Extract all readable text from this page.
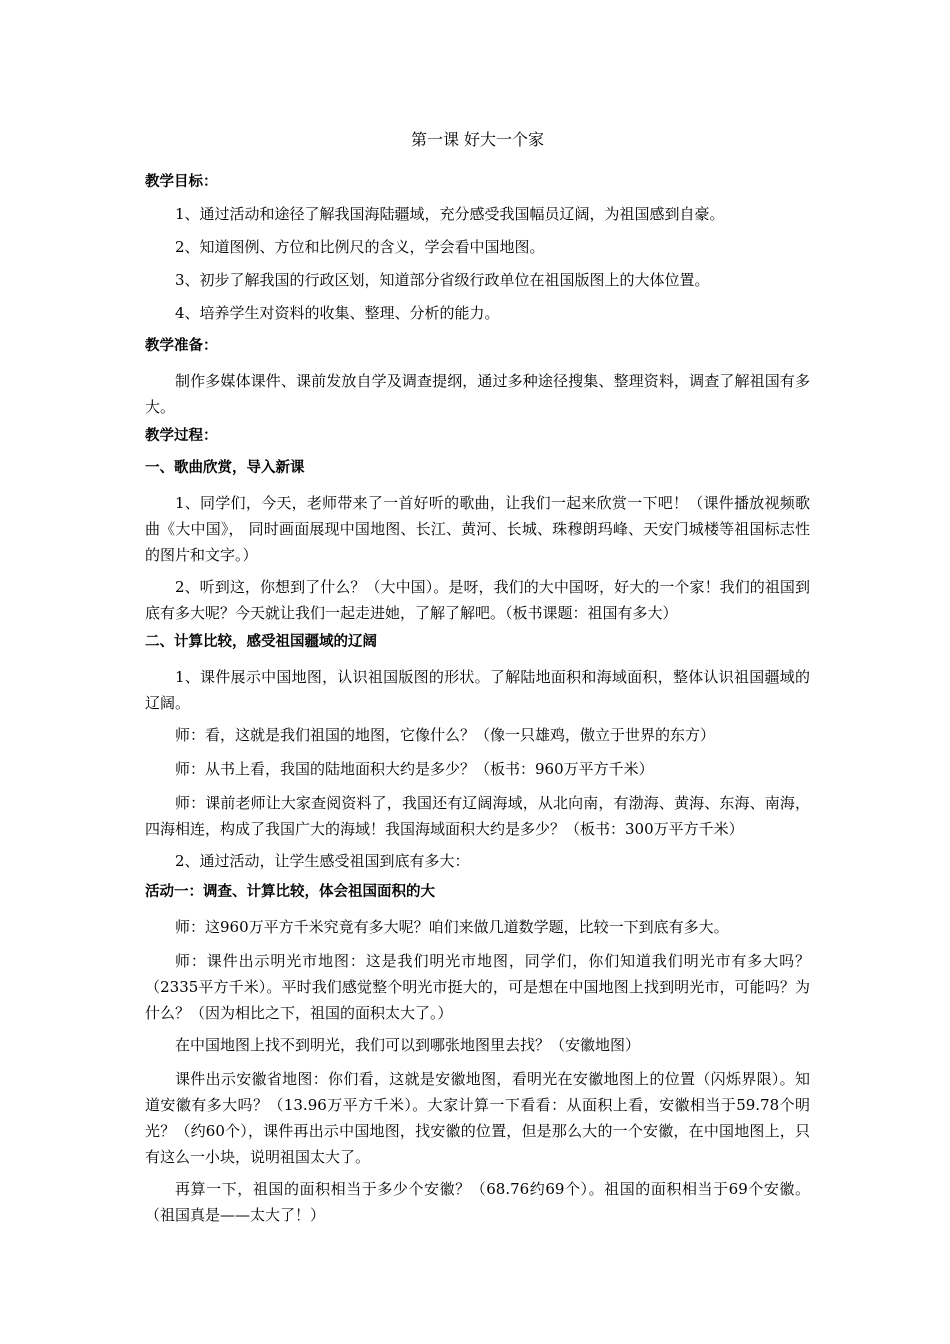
第一课 好大一个家
教学目标：
1、通过活动和途径了解我国海陆疆域，充分感受我国幅员辽阔，为祖国感到自豪。
2、知道图例、方位和比例尺的含义，学会看中国地图。
3、初步了解我国的行政区划，知道部分省级行政单位在祖国版图上的大体位置。
4、培养学生对资料的收集、整理、分析的能力。
教学准备：
制作多媒体课件、课前发放自学及调查提纲，通过多种途径搜集、整理资料，调查了解祖国有多大。
教学过程：
一、歌曲欣赏，导入新课
1、同学们，今天，老师带来了一首好听的歌曲，让我们一起来欣赏一下吧！（课件播放视频歌曲《大中国》， 同时画面展现中国地图、长江、黄河、长城、珠穆朗玛峰、天安门城楼等祖国标志性的图片和文字。）
2、听到这，你想到了什么？（大中国）。是呀，我们的大中国呀，好大的一个家！我们的祖国到底有多大呢？今天就让我们一起走进她，了解了解吧。（板书课题：祖国有多大）
二、计算比较，感受祖国疆域的辽阔
1、课件展示中国地图，认识祖国版图的形状。了解陆地面积和海域面积，整体认识祖国疆域的辽阔。
师：看，这就是我们祖国的地图，它像什么？（像一只雄鸡，傲立于世界的东方）
师：从书上看，我国的陆地面积大约是多少？（板书：960万平方千米）
师：课前老师让大家查阅资料了，我国还有辽阔海域，从北向南，有渤海、黄海、东海、南海，四海相连，构成了我国广大的海域！我国海域面积大约是多少？（板书：300万平方千米）
2、通过活动，让学生感受祖国到底有多大：
活动一：调查、计算比较，体会祖国面积的大
师：这960万平方千米究竟有多大呢？咱们来做几道数学题，比较一下到底有多大。
师：课件出示明光市地图：这是我们明光市地图，同学们，你们知道我们明光市有多大吗？（2335平方千米）。平时我们感觉整个明光市挺大的，可是想在中国地图上找到明光市，可能吗？为什么？（因为相比之下，祖国的面积太大了。）
在中国地图上找不到明光，我们可以到哪张地图里去找？（安徽地图）
课件出示安徽省地图：你们看，这就是安徽地图，看明光在安徽地图上的位置（闪烁界限）。知道安徽有多大吗？（13.96万平方千米）。大家计算一下看看：从面积上看，安徽相当于59.78个明光？（约60个），课件再出示中国地图，找安徽的位置，但是那么大的一个安徽，在中国地图上，只有这么一小块，说明祖国太大了。
再算一下，祖国的面积相当于多少个安徽？（68.76约69个）。祖国的面积相当于69个安徽。（祖国真是——太大了！）
